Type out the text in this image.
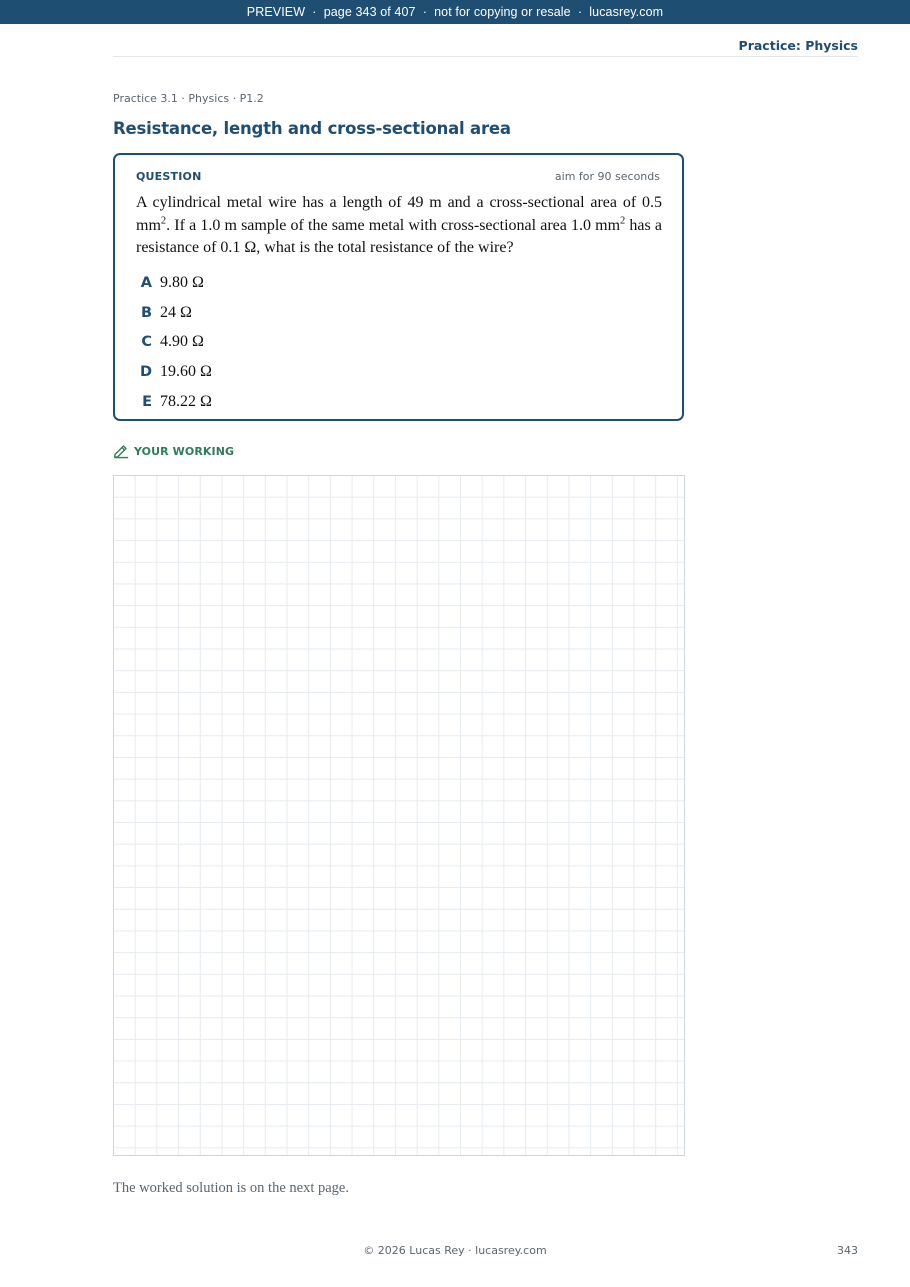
PREVIEW  ·  page 343 of 407  ·  not for copying or resale  ·  lucasrey.com
Practice: Physics
Practice 3.1 · Physics · P1.2
Resistance, length and cross-sectional area
QUESTION	aim for 90 seconds

A cylindrical metal wire has a length of 49 m and a cross-sectional area of 0.5 $mm^2$. If a 1.0 m sample of the same metal with cross-sectional area 1.0 $mm^2$ has a resistance of 0.1 Ω, what is the total resistance of the wire?

A 9.80 Ω
B 24 Ω
C 4.90 Ω
D 19.60 Ω
E 78.22 Ω
YOUR WORKING

The worked solution is on the next page.

© 2026 Lucas Rey · lucasrey.com	343
